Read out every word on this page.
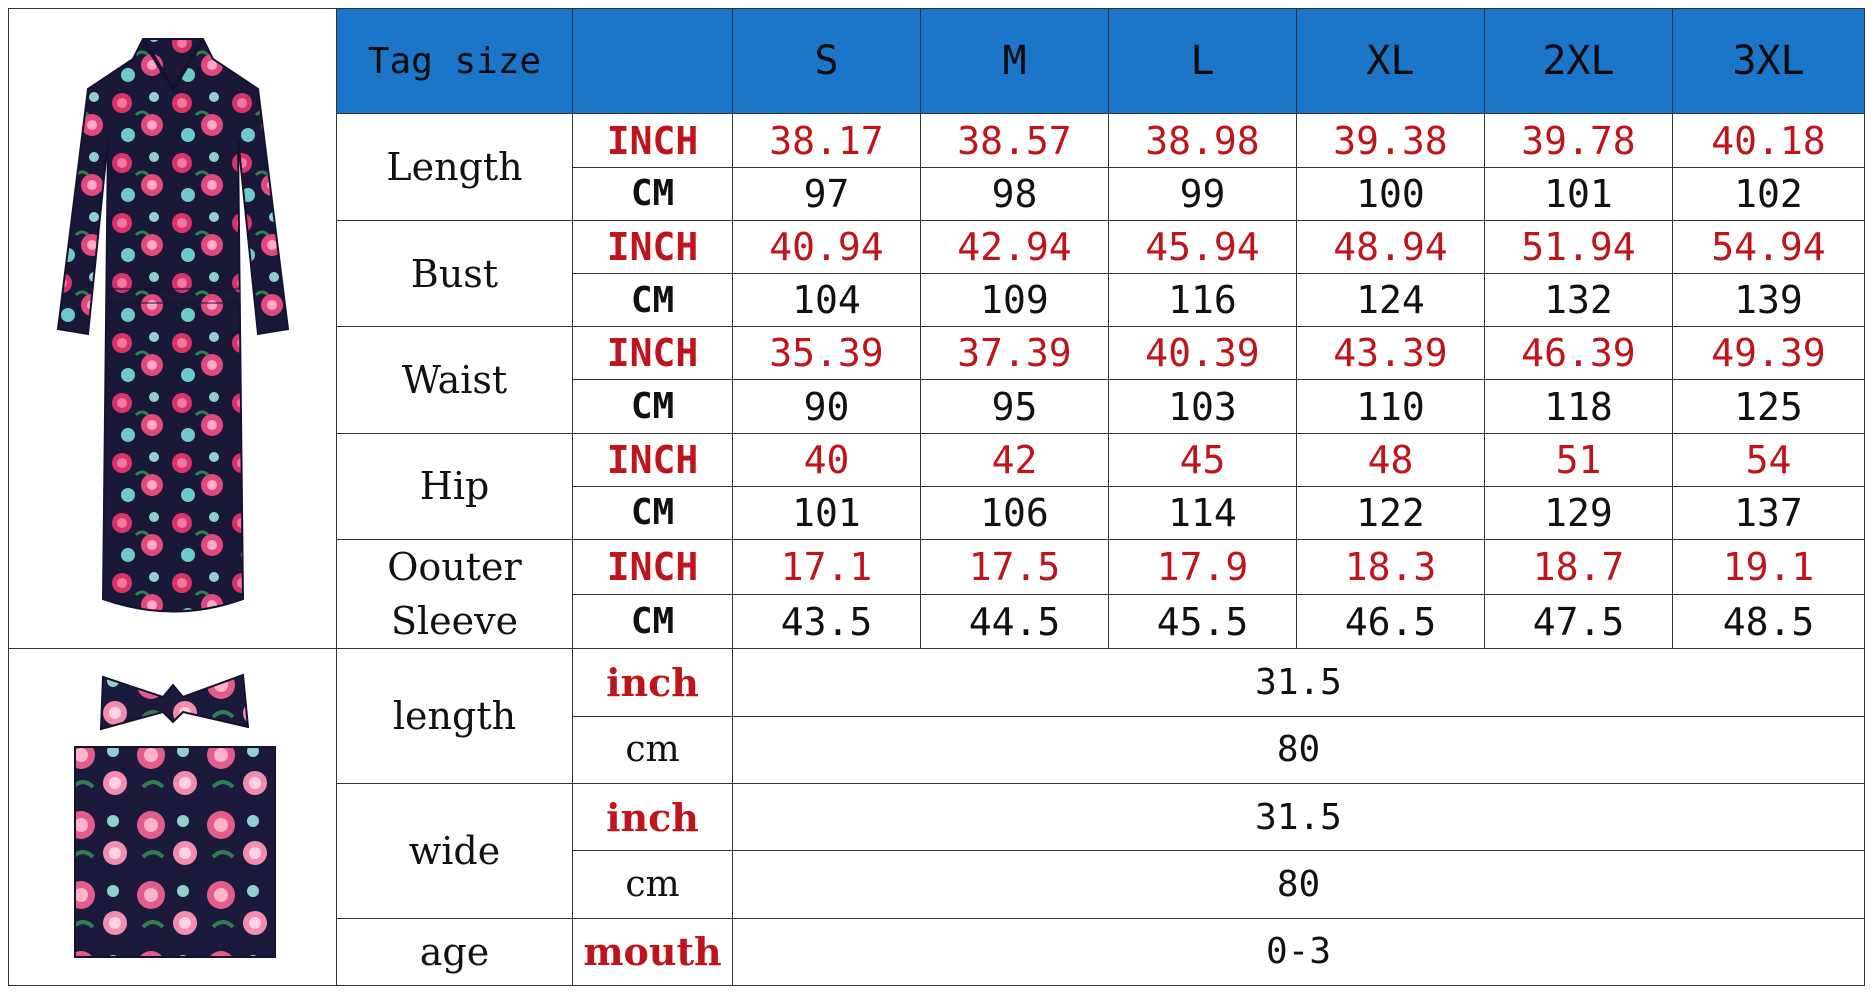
	Tag size		S	M	L	XL	2XL	3XL
	Length	INCH	38.17	38.57	38.98	39.38	39.78	40.18
		CM	97	98	99	100	101	102
	Bust	INCH	40.94	42.94	45.94	48.94	51.94	54.94
		CM	104	109	116	124	132	139
	Waist	INCH	35.39	37.39	40.39	43.39	46.39	49.39
		CM	90	95	103	110	118	125
	Hip	INCH	40	42	45	48	51	54
		CM	101	106	114	122	129	137

	Oouter
Sleeve	INCH	17.1	17.5	17.9	18.3	18.7	19.1
		CM	43.5	44.5	45.5	46.5	47.5	48.5

	length	inch	31.5					
		cm	80					
	wide	inch	31.5					
		cm	80					
	age	mouth	0-3					
